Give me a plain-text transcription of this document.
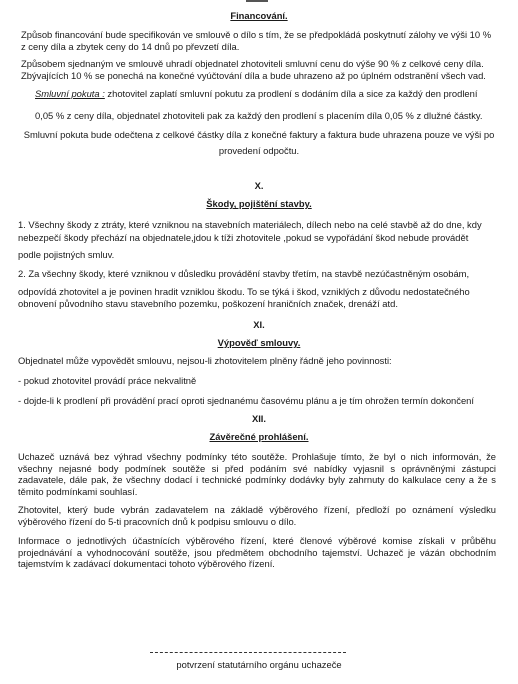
Financování.
Způsob financování bude specifikován ve smlouvě o dílo s tím, že se předpokládá poskytnutí zálohy ve výši 10 %
z ceny díla a zbytek ceny do 14 dnů po převzetí díla.
Způsobem sjednaným ve smlouvě uhradí objednatel zhotoviteli smluvní cenu do výše 90 % z celkové ceny díla.
Zbývajících 10 % se ponechá na konečné vyúčtování díla a bude uhrazeno až po úplném odstranění všech vad.
Smluvní pokuta : zhotovitel zaplatí smluvní pokutu za prodlení s dodáním díla a sice za každý den prodlení
0,05 % z ceny díla, objednatel zhotoviteli pak za každý den prodlení s placením díla 0,05 % z dlužné částky.
Smluvní pokuta bude odečtena z celkové částky díla z konečné faktury a faktura bude uhrazena pouze ve výši po
provedení odpočtu.
X.
Škody, pojištění stavby.
1. Všechny škody z ztráty, které vzniknou na stavebních materiálech, dílech nebo na celé stavbě až do dne, kdy
nebezpečí škody přechází na objednatele,jdou k tíži zhotovitele ,pokud se vypořádání škod nebude provádět
podle pojistných smluv.
2. Za všechny škody, které vzniknou v důsledku provádění stavby třetím, na stavbě nezúčastněným osobám,
odpovídá zhotovitel a je povinen hradit vzniklou škodu. To se týká i škod, vzniklých z důvodu nedostatečného
obnovení původního stavu stavebního pozemku, poškození hraničních značek, drenáží atd.
XI.
Výpověď smlouvy.
Objednatel může vypovědět smlouvu, nejsou-li zhotovitelem plněny řádně jeho povinnosti:
- pokud zhotovitel provádí práce nekvalitně
- dojde-li k prodlení při provádění prací oproti sjednanému časovému plánu a je tím ohrožen termín dokončení
XII.
Závěrečné prohlášení.
Uchazeč uznává bez výhrad všechny podmínky této soutěže. Prohlašuje tímto, že byl o nich informován, že všechny nejasné body podmínek soutěže si před podáním své nabídky vyjasnil s oprávněnými zástupci zadavatele, dále pak, že všechny dodací i technické podmínky dodávky byly zahrnuty do kalkulace ceny a že s těmito podmínkami souhlasí.
Zhotovitel, který bude vybrán zadavatelem na základě výběrového řízení, předloží po oznámení výsledku výběrového řízení do 5-ti pracovních dnů k podpisu smlouvu o dílo.
Informace o jednotlivých účastnících výběrového řízení, které členové výběrové komise získali v průběhu projednávání a vyhodnocování soutěže, jsou předmětem obchodního tajemství. Uchazeč je vázán obchodním tajemstvím k zadávací dokumentaci tohoto výběrového řízení.
potvrzení statutárního orgánu uchazeče
